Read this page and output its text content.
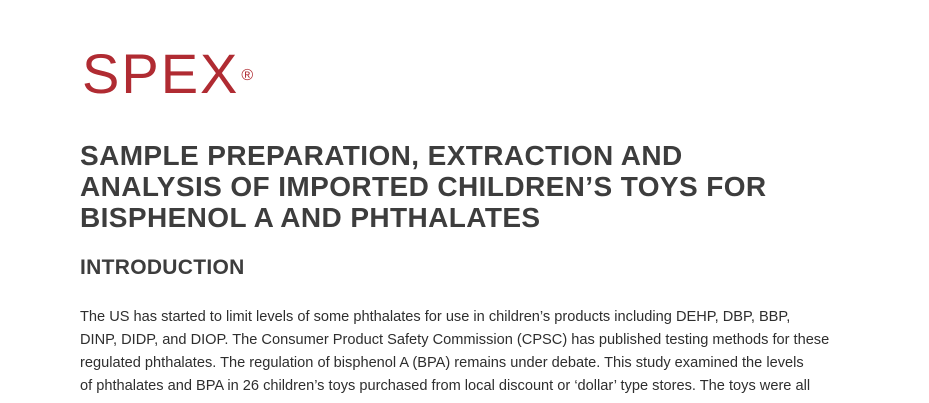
SPEX ®
SAMPLE PREPARATION, EXTRACTION AND
ANALYSIS OF IMPORTED CHILDREN’S TOYS FOR
BISPHENOL A AND PHTHALATES
INTRODUCTION
The US has started to limit levels of some phthalates for use in children’s products including DEHP, DBP, BBP,
DINP, DIDP, and DIOP. The Consumer Product Safety Commission (CPSC) has published testing methods for these
regulated phthalates. The regulation of bisphenol A (BPA) remains under debate. This study examined the levels
of phthalates and BPA in 26 children’s toys purchased from local discount or ‘dollar’ type stores. The toys were all
